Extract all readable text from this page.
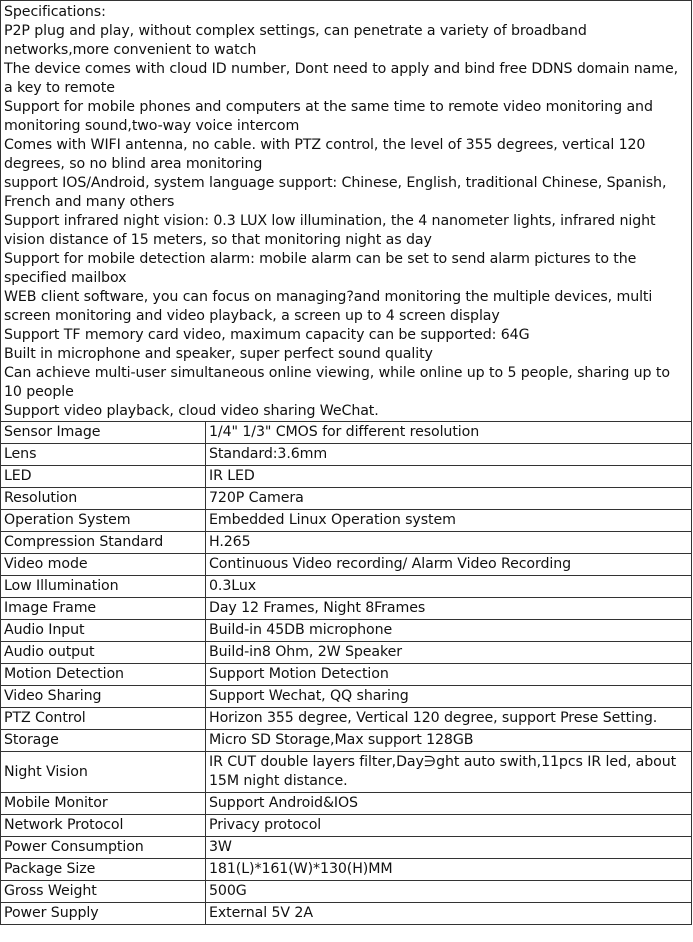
Specifications:
P2P plug and play, without complex settings, can penetrate a variety of broadband networks,more convenient to watch
The device comes with cloud ID number, Dont need to apply and bind free DDNS domain name, a key to remote
Support for mobile phones and computers at the same time to remote video monitoring and monitoring sound,two-way voice intercom
Comes with WIFI antenna, no cable. with PTZ control, the level of 355 degrees, vertical 120 degrees, so no blind area monitoring
support IOS/Android, system language support: Chinese, English, traditional Chinese, Spanish, French and many others
Support infrared night vision: 0.3 LUX low illumination, the 4 nanometer lights, infrared night vision distance of 15 meters, so that monitoring night as day
Support for mobile detection alarm: mobile alarm can be set to send alarm pictures to the specified mailbox
WEB client software, you can focus on managing?and monitoring the multiple devices, multi screen monitoring and video playback, a screen up to 4 screen display
Support TF memory card video, maximum capacity can be supported: 64G
Built in microphone and speaker, super perfect sound quality
Can achieve multi-user simultaneous online viewing, while online up to 5 people, sharing up to 10 people
Support video playback, cloud video sharing WeChat.
Sensor Image	1/4" 1/3" CMOS for different resolution
Lens	Standard:3.6mm
LED	IR LED
Resolution	720P Camera
Operation System	Embedded Linux Operation system
Compression Standard	H.265
Video mode	Continuous Video recording/ Alarm Video Recording
Low Illumination	0.3Lux
Image Frame	Day 12 Frames, Night 8Frames
Audio Input	Build-in 45DB microphone
Audio output	Build-in8 Ohm, 2W Speaker
Motion Detection	Support Motion Detection
Video Sharing	Support Wechat, QQ sharing
PTZ Control	Horizon 355 degree, Vertical 120 degree, support Prese Setting.
Storage	Micro SD Storage,Max support 128GB
Night Vision	IR CUT double layers filter,Day∋ght auto swith,11pcs IR led, about 15M night distance.
Mobile Monitor	Support Android&IOS
Network Protocol	Privacy protocol
Power Consumption	3W
Package Size	181(L)*161(W)*130(H)MM
Gross Weight	500G
Power Supply	External 5V 2A
